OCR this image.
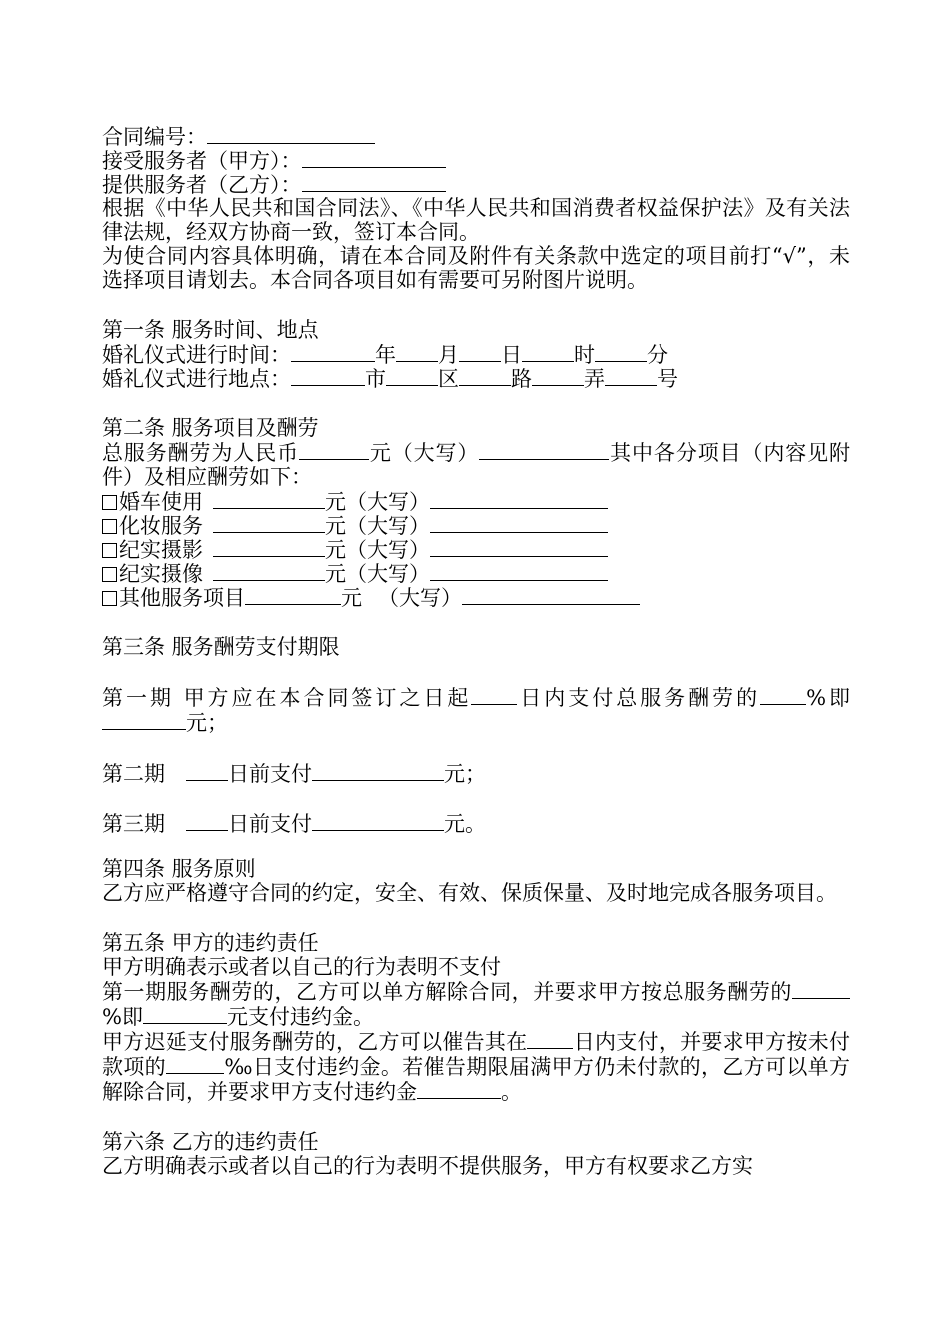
合同编号：
接受服务者（甲方）：
提供服务者（乙方）：
根据《中华人民共和国合同法》、《中华人民共和国消费者权益保护法》及有关法律法规，经双方协商一致，签订本合同。
为使合同内容具体明确，请在本合同及附件有关条款中选定的项目前打“√”，未选择项目请划去。本合同各项目如有需要可另附图片说明。
第一条 服务时间、地点
婚礼仪式进行时间：	年 月 日 时 分
婚礼仪式进行地点：	市 区 路 弄 号
第二条 服务项目及酬劳
总服务酬劳为人民币	元（大写）	其中各分项目（内容见附件）及相应酬劳如下：
婚车使用	元（大写）
化妆服务	元（大写）
纪实摄影	元（大写）
纪实摄像	元（大写）
其他服务项目	元 （大写）
第三条 服务酬劳支付期限
第一期 甲方应在本合同签订之日起 日内支付总服务酬劳的 %即元；
第二期	日前支付	元；
第三期	日前支付	元。
第四条 服务原则
乙方应严格遵守合同的约定，安全、有效、保质保量、及时地完成各服务项目。
第五条 甲方的违约责任
甲方明确表示或者以自己的行为表明不支付
第一期服务酬劳的，乙方可以单方解除合同，并要求甲方按总服务酬劳的%即	元支付违约金。
甲方迟延支付服务酬劳的，乙方可以催告其在 日内支付，并要求甲方按未付款项的	‰日支付违约金。若催告期限届满甲方仍未付款的，乙方可以单方解除合同，并要求甲方支付违约金	。
第六条 乙方的违约责任
乙方明确表示或者以自己的行为表明不提供服务，甲方有权要求乙方实
